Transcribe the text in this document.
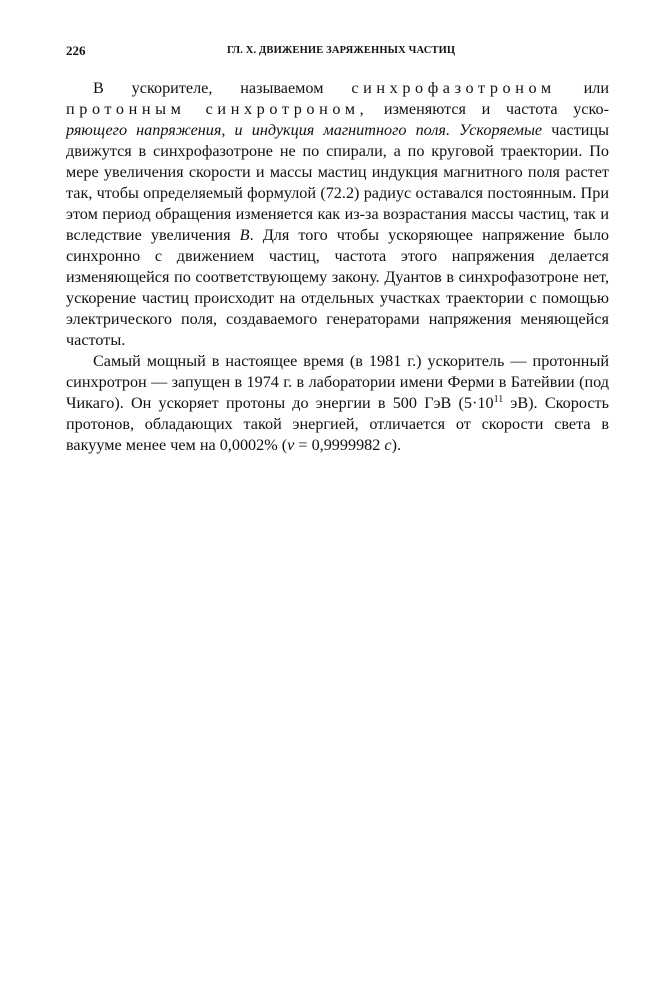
226	ГЛ. X. ДВИЖЕНИЕ ЗАРЯЖЕННЫХ ЧАСТИЦ

В ускорителе, называемом синхрофазотроном или протонным синхротроном, изменяются и частота уско- ряющего напряжения, и индукция магнитного поля. Ускоряемые частицы движутся в синхрофазотроне не по спирали, а по круговой траектории. По мере увеличения скорости и массы мастиц индукция магнитного поля растет так, чтобы определяемый формулой (72.2) радиус оставался постоянным. При этом период обращения изменяется как из-за возрастания массы частиц, так и вследствие увеличения B. Для того чтобы ускоряющее напряжение было синхронно с движением частиц, частота этого напряжения делается изменяющейся по соответствующему закону. Дуантов в синхрофазотроне нет, ускорение частиц происходит на отдельных участках траектории с помощью электрического поля, создаваемого генераторами напряжения меняющейся частоты.

Самый мощный в настоящее время (в 1981 г.) ускоритель — протонный синхротрон — запущен в 1974 г. в лаборатории имени Ферми в Батейвии (под Чикаго). Он ускоряет протоны до энергии в 500 ГэВ ($5\cdot 10^{11}$ эВ). Скорость протонов, обладающих такой энергией, отличается от скорости света в вакууме менее чем на 0,0002% (v = 0,9999982 c).
